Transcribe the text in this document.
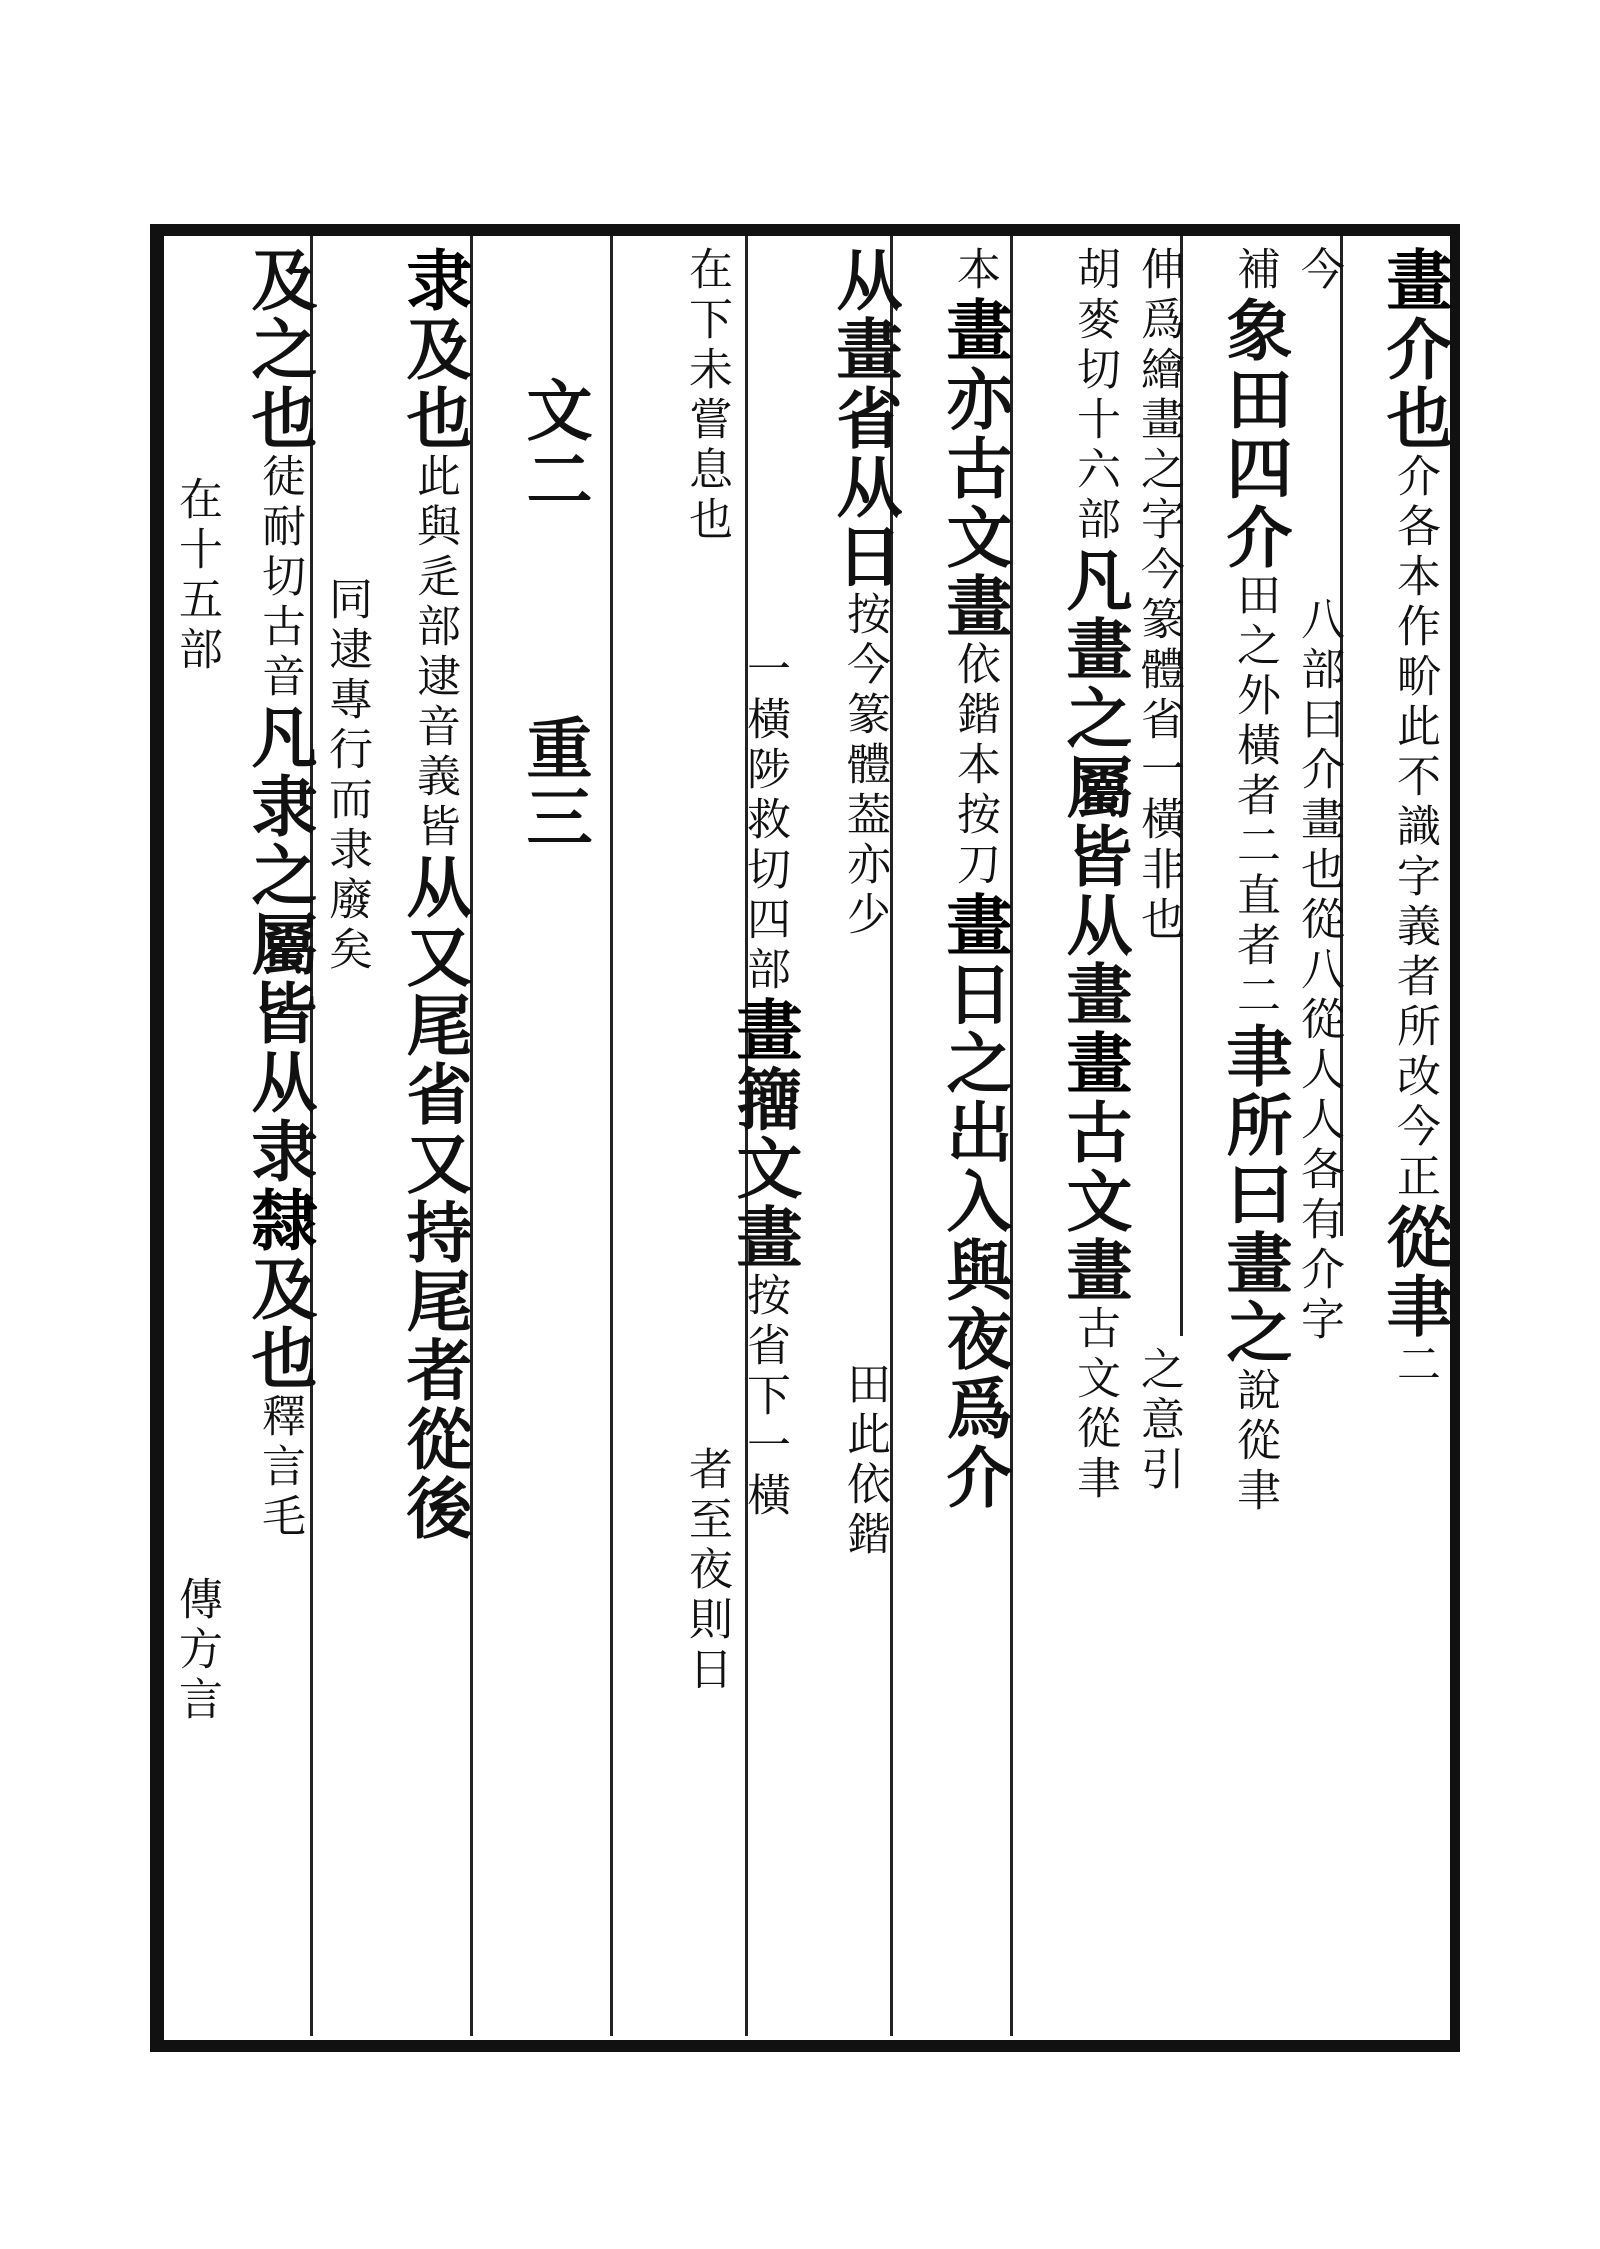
畫介也介各本作畍此不識字義者所改今正從聿二
今八部曰介畫也從八從人人各有介字
補象田四介田之外橫者二直者二聿所曰畫之說從聿
伸爲繪畫之字今篆體省一橫非也之意引
胡麥切十六部凡畫之屬皆从畫畫古文畫古文從聿
本畫亦古文畫依鍇本按刀畫日之出入與夜爲介
从畫省从日按今篆體葢亦少田此依鍇
一橫陟救切四部畫籒文畫按省下一橫
在下未嘗息也者至夜則日
文二重三
隶及也此與辵部逮音義皆从又尾省又持尾者從後
同逮專行而隶廢矣
及之也徒耐切古音凡隶之屬皆从隶隸及也釋言毛
在十五部傳方言
